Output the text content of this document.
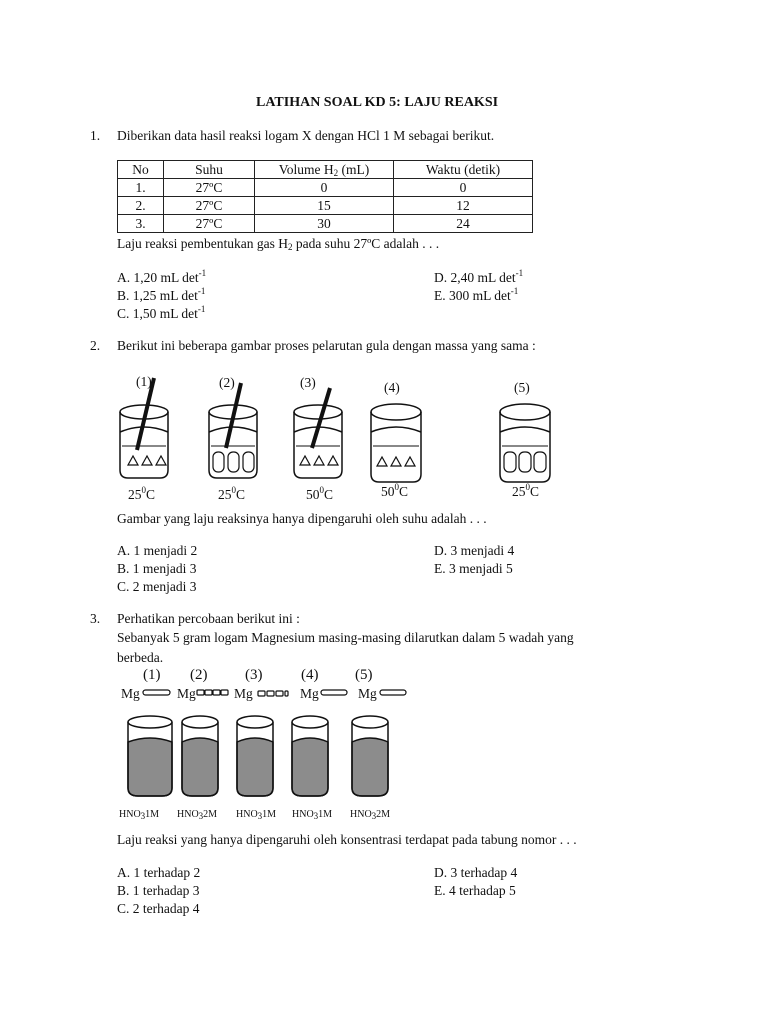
LATIHAN SOAL KD 5: LAJU REAKSI
1. Diberikan data hasil reaksi logam X dengan HCl 1 M sebagai berikut.
No	Suhu	Volume $H_2$ (mL)	Waktu (detik)
1.	27ºC	0	0
2.	27ºC	15	12
3.	27ºC	30	24
Laju reaksi pembentukan gas $H_2$ pada suhu 27ºC adalah . . .
A. 1,20 mL $\det^{-1}$
B. 1,25 mL $\det^{-1}$
C. 1,50 mL $\det^{-1}$
D. 2,40 mL $\det^{-1}$
E. 300 mL $\det^{-1}$
2. Berikut ini beberapa gambar proses pelarutan gula dengan massa yang sama :
(1)	(2)	(3)	(4)	(5)
$25^0C$	$25^0C$	$50^0C$	$50^0C$	$25^0C$
Gambar yang laju reaksinya hanya dipengaruhi oleh suhu adalah . . .
A. 1 menjadi 2
B. 1 menjadi 3
C. 2 menjadi 3
D. 3 menjadi 4
E. 3 menjadi 5
3. Perhatikan percobaan berikut ini :
Sebanyak 5 gram logam Magnesium masing-masing dilarutkan dalam 5 wadah yang
berbeda.
(1) (2)	(3)	(4) (5)
Mg	Mg	Mg	Mg	Mg
$HNO_31M$ $HNO_32M$ $HNO_31M$ $HNO_31M$ $HNO_32M$
Laju reaksi yang hanya dipengaruhi oleh konsentrasi terdapat pada tabung nomor . . .
A. 1 terhadap 2
B. 1 terhadap 3
C. 2 terhadap 4
D. 3 terhadap 4
E. 4 terhadap 5
